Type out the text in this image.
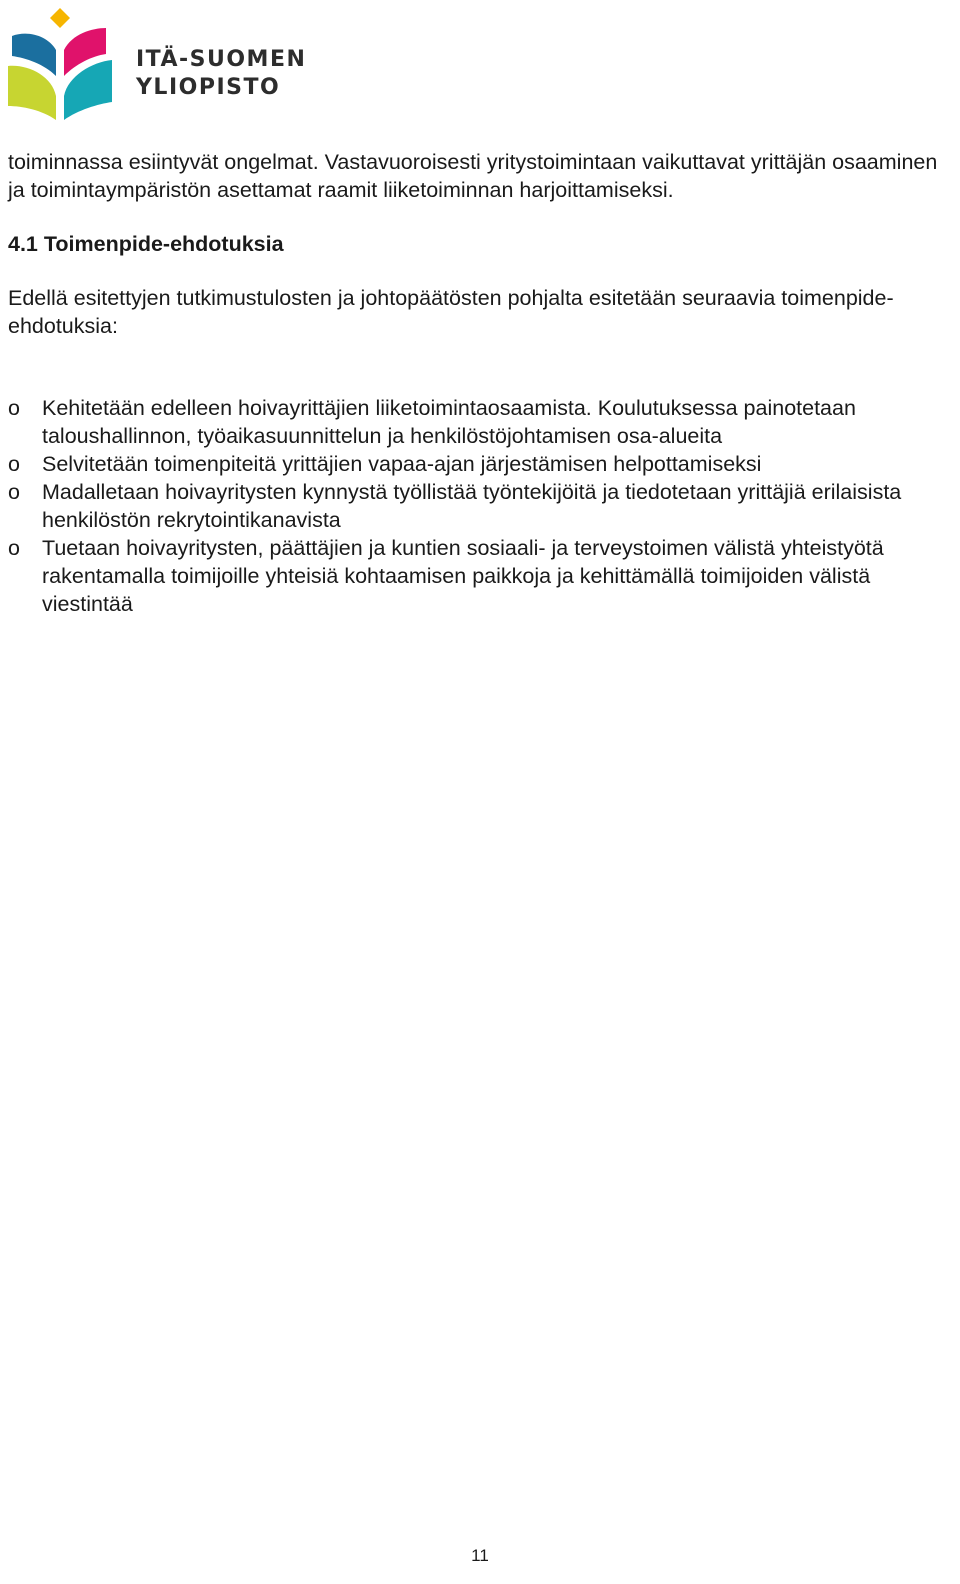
ITÄ-SUOMEN
YLIOPISTO

toiminnassa esiintyvät ongelmat. Vastavuoroisesti yritystoimintaan vaikuttavat yrittäjän osaaminen ja toimintaympäristön asettamat raamit liiketoiminnan harjoittamiseksi.

4.1 Toimenpide-ehdotuksia

Edellä esitettyjen tutkimustulosten ja johtopäätösten pohjalta esitetään seuraavia toimenpide-ehdotuksia:

o Kehitetään edelleen hoivayrittäjien liiketoimintaosaamista. Koulutuksessa painotetaan taloushallinnon, työaikasuunnittelun ja henkilöstöjohtamisen osa-alueita
o Selvitetään toimenpiteitä yrittäjien vapaa-ajan järjestämisen helpottamiseksi
o Madalletaan hoivayritysten kynnystä työllistää työntekijöitä ja tiedotetaan yrittäjiä erilaisista henkilöstön rekrytointikanavista
o Tuetaan hoivayritysten, päättäjien ja kuntien sosiaali- ja terveystoimen välistä yhteistyötä rakentamalla toimijoille yhteisiä kohtaamisen paikkoja ja kehittämällä toimijoiden välistä viestintää
11
